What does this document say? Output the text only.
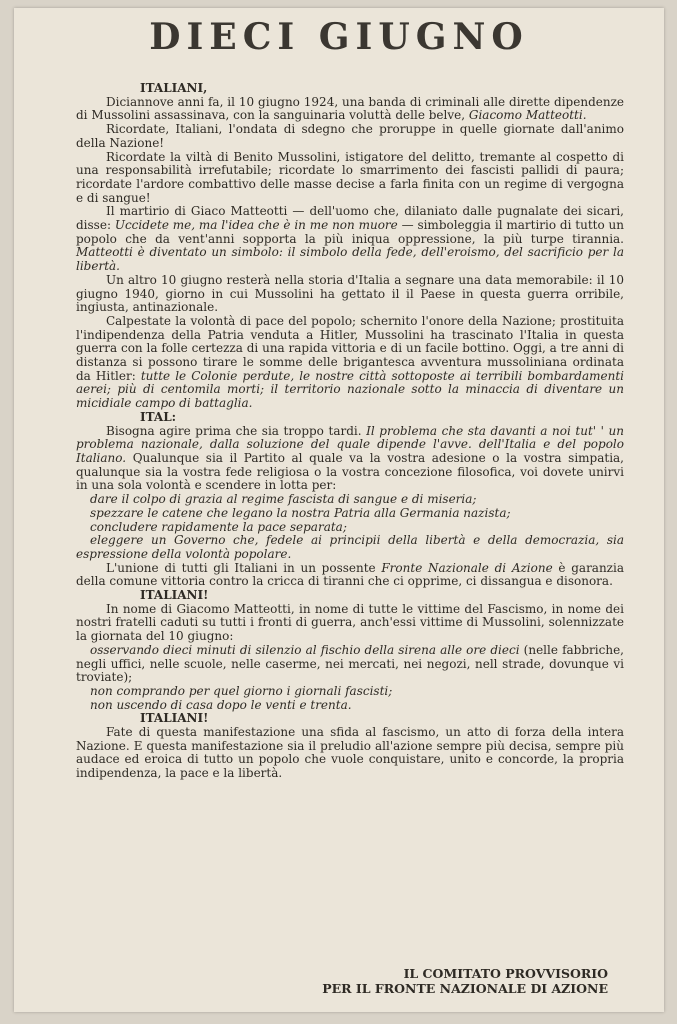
DIECI GIUGNO

ITALIANI,

Diciannove anni fa, il 10 giugno 1924, una banda di criminali alle dirette dipendenze di Mussolini assassinava, con la sanguinaria voluttà delle belve, Giacomo Matteotti.

Ricordate, Italiani, l'ondata di sdegno che proruppe in quelle giornate dall'animo della Nazione!

Ricordate la viltà di Benito Mussolini, istigatore del delitto, tremante al cospetto di una responsabilità irrefutabile; ricordate lo smarrimento dei fascisti pallidi di paura; ricordate l'ardore combattivo delle masse decise a farla finita con un regime di vergogna e di sangue!

Il martirio di Giaco Matteotti — dell'uomo che, dilaniato dalle pugnalate dei sicari, disse: Uccidete me, ma l'idea che è in me non muore — simboleggia il martirio di tutto un popolo che da vent'anni sopporta la più iniqua oppressione, la più turpe tirannia. Matteotti è diventato un simbolo: il simbolo della fede, dell'eroismo, del sacrificio per la libertà.

Un altro 10 giugno resterà nella storia d'Italia a segnare una data memorabile: il 10 giugno 1940, giorno in cui Mussolini ha gettato il il Paese in questa guerra orribile, ingiusta, antinazionale.

Calpestate la volontà di pace del popolo; schernito l'onore della Nazione; prostituita l'indipendenza della Patria venduta a Hitler, Mussolini ha trascinato l'Italia in questa guerra con la folle certezza di una rapida vittoria e di un facile bottino. Oggi, a tre anni di distanza si possono tirare le somme delle brigantesca avventura mussoliniana ordinata da Hitler: tutte le Colonie perdute, le nostre città sottoposte ai terribili bombardamenti aerei; più di centomila morti; il territorio nazionale sotto la minaccia di diventare un micidiale campo di battaglia.

ITAL:

Bisogna agire prima che sia troppo tardi. Il problema che sta davanti a noi tut' ' un problema nazionale, dalla soluzione del quale dipende l'avve. dell'Italia e del popolo Italiano. Qualunque sia il Partito al quale va la vostra adesione o la vostra simpatia, qualunque sia la vostra fede religiosa o la vostra concezione filosofica, voi dovete unirvi in una sola volontà e scendere in lotta per:

dare il colpo di grazia al regime fascista di sangue e di miseria;

spezzare le catene che legano la nostra Patria alla Germania nazista;

concludere rapidamente la pace separata;

eleggere un Governo che, fedele ai principii della libertà e della democrazia, sia espressione della volontà popolare.

L'unione di tutti gli Italiani in un possente Fronte Nazionale di Azione è garanzia della comune vittoria contro la cricca di tiranni che ci opprime, ci dissangua e disonora.

ITALIANI!

In nome di Giacomo Matteotti, in nome di tutte le vittime del Fascismo, in nome dei nostri fratelli caduti su tutti i fronti di guerra, anch'essi vittime di Mussolini, solennizzate la giornata del 10 giugno:

osservando dieci minuti di silenzio al fischio della sirena alle ore dieci (nelle fabbriche, negli uffici, nelle scuole, nelle caserme, nei mercati, nei negozi, nell strade, dovunque vi troviate);

non comprando per quel giorno i giornali fascisti;

non uscendo di casa dopo le venti e trenta.

ITALIANI!

Fate di questa manifestazione una sfida al fascismo, un atto di forza della intera Nazione. E questa manifestazione sia il preludio all'azione sempre più decisa, sempre più audace ed eroica di tutto un popolo che vuole conquistare, unito e concorde, la propria indipendenza, la pace e la libertà.

IL COMITATO PROVVISORIO
PER IL FRONTE NAZIONALE DI AZIONE
